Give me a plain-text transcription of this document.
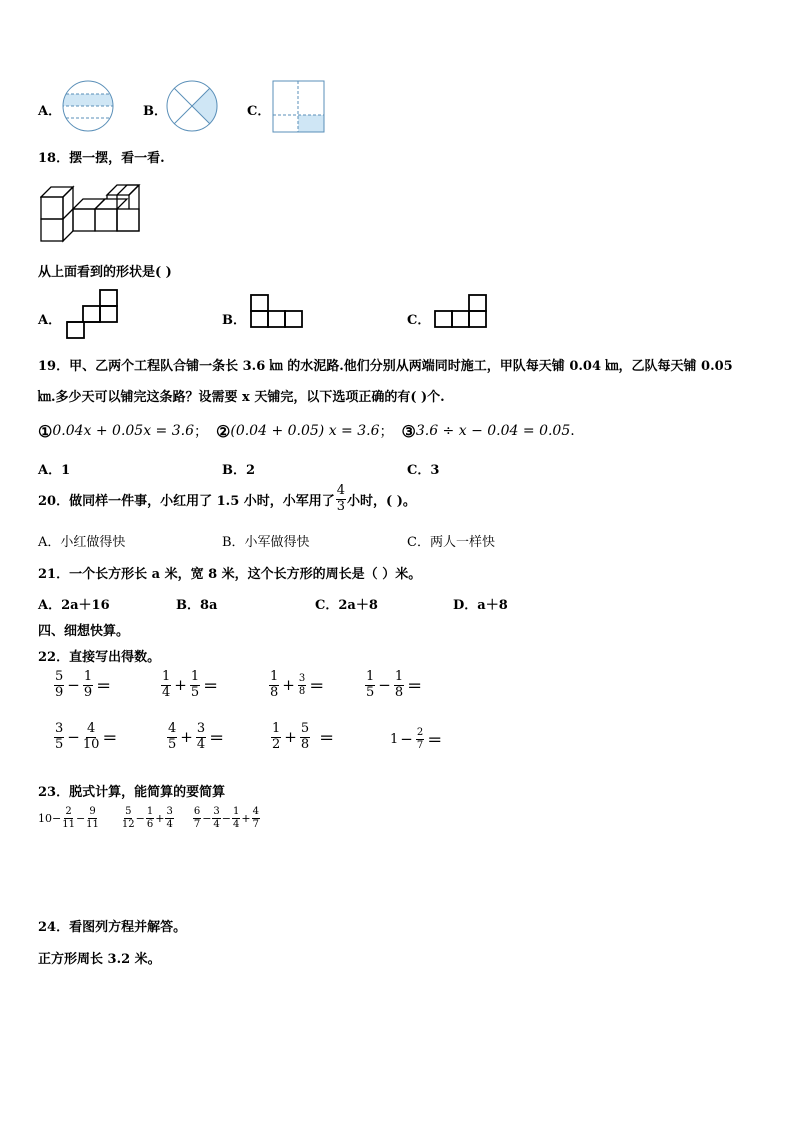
A．	B．	C．
18．摆一摆，看一看.
从上面看到的形状是( )
A．	B．	C．
19．甲、乙两个工程队合铺一条长 3.6 ㎞ 的水泥路.他们分别从两端同时施工，甲队每天铺 0.04 ㎞，乙队每天铺 0.05
㎞.多少天可以铺完这条路？设需要 x 天铺完，以下选项正确的有( )个.
① 0.04x + 0.05x = 3.6 ； ② (0.04 + 0.05) x = 3.6 ； ③ 3.6 ÷ x − 0.04 = 0.05 .
A．1	B．2	C．3
20．做同样一件事，小红用了 1.5 小时，小军用了 $\frac{4}{3}$ 小时，( )。
A．小红做得快	B．小军做得快	C．两人一样快
21．一个长方形长 a 米，宽 8 米，这个长方形的周长是（ ）米。
A．2a＋16	B．8a	C．2a＋8	D．a＋8
四、细想快算。
22．直接写出得数。
$\frac{5}{9} - \frac{1}{9}$ ＝	$\frac{1}{4} + \frac{1}{5}$ ＝	$\frac{1}{8} + \frac{3}{8}$ ＝	$\frac{1}{5} - \frac{1}{8}$ ＝
$\frac{3}{5} - \frac{4}{10}$ ＝	$\frac{4}{5} + \frac{3}{4}$ ＝	$\frac{1}{2} + \frac{5}{8}$ ＝	$1 - \frac{2}{7}$ ＝
23．脱式计算，能简算的要简算
$10 - \frac{2}{11} - \frac{9}{11} \frac{5}{12} - \frac{1}{6} + \frac{3}{4} \frac{6}{7} - \frac{3}{4} - \frac{1}{4} + \frac{4}{7}$
24．看图列方程并解答。
正方形周长 3.2 米。
